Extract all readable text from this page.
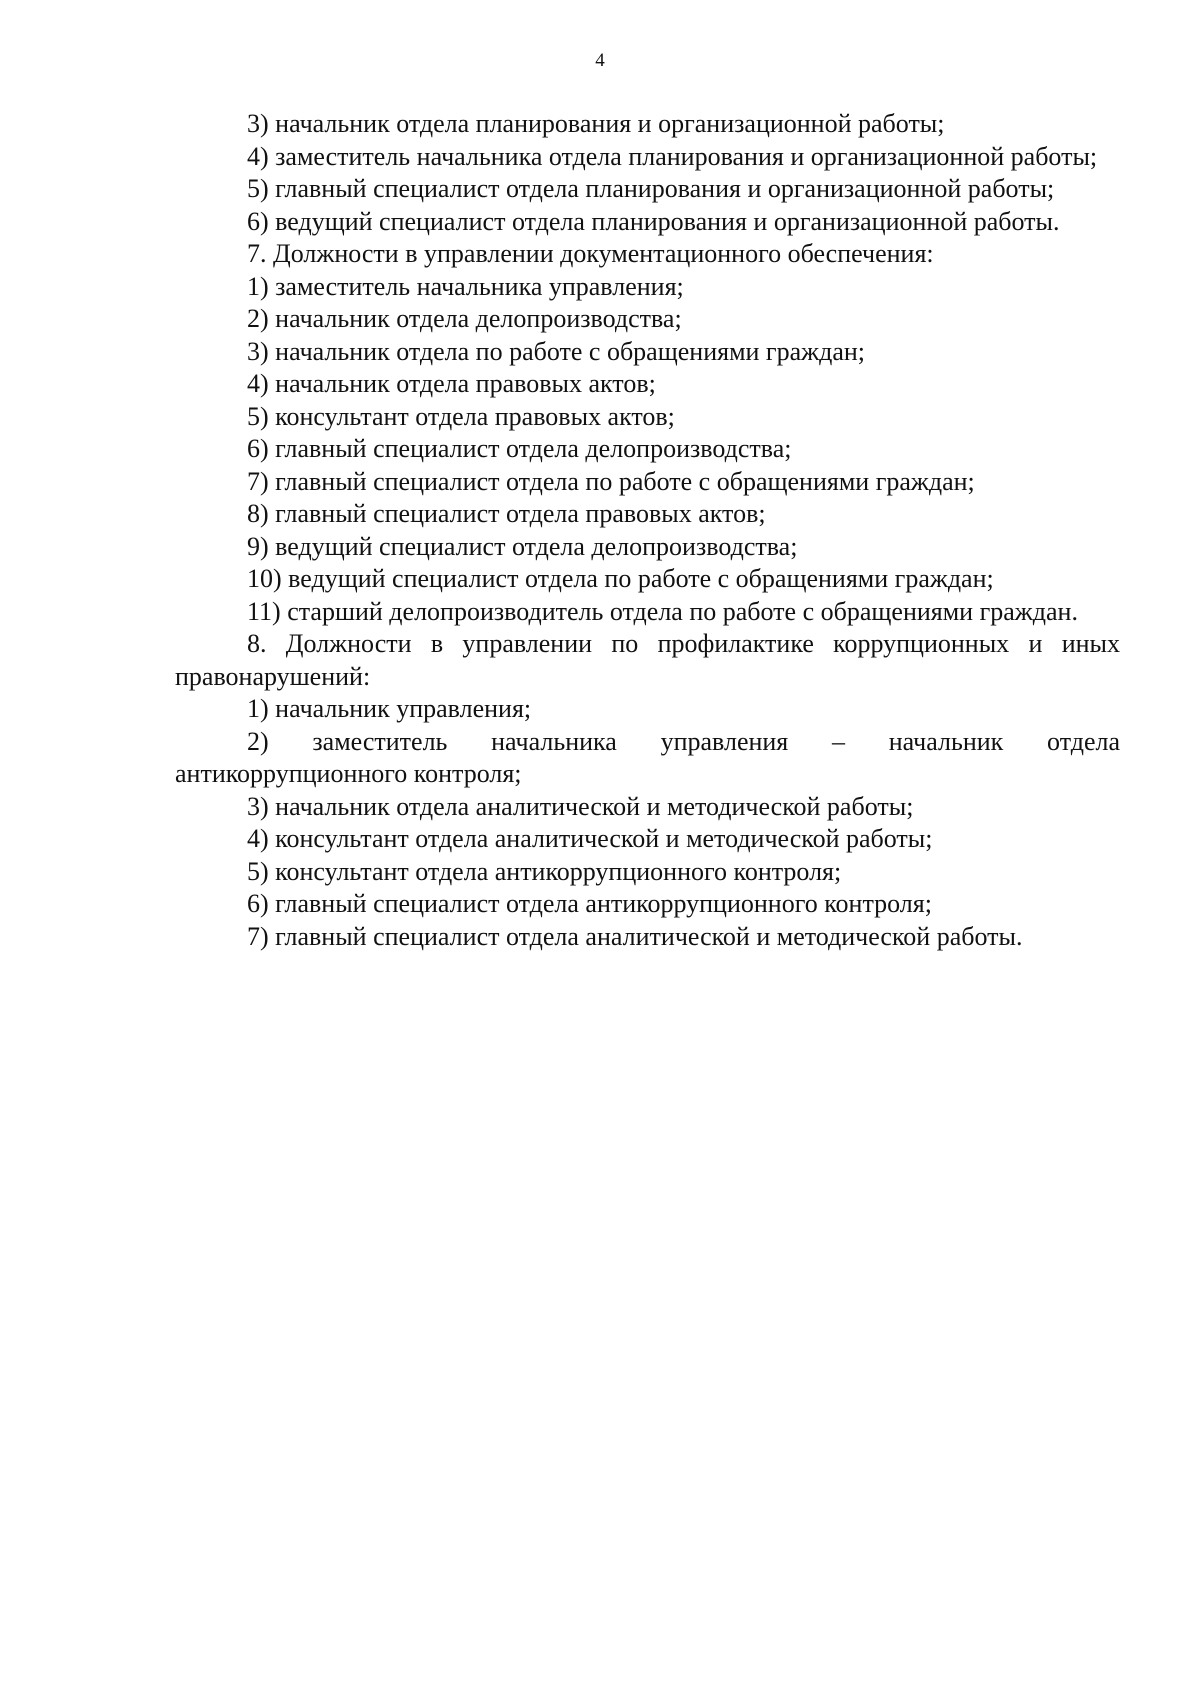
4

3) начальник отдела планирования и организационной работы;

4) заместитель начальника отдела планирования и организационной работы;

5) главный специалист отдела планирования и организационной работы;

6) ведущий специалист отдела планирования и организационной работы.

7. Должности в управлении документационного обеспечения:

1) заместитель начальника управления;

2) начальник отдела делопроизводства;

3) начальник отдела по работе с обращениями граждан;

4) начальник отдела правовых актов;

5) консультант отдела правовых актов;

6) главный специалист отдела делопроизводства;

7) главный специалист отдела по работе с обращениями граждан;

8) главный специалист отдела правовых актов;

9) ведущий специалист отдела делопроизводства;

10) ведущий специалист отдела по работе с обращениями граждан;

11) старший делопроизводитель отдела по работе с обращениями граждан.

8. Должности в управлении по профилактике коррупционных и иных правонарушений:

1) начальник управления;

2) заместитель начальника управления – начальник отдела антикоррупционного контроля;

3) начальник отдела аналитической и методической работы;

4) консультант отдела аналитической и методической работы;

5) консультант отдела антикоррупционного контроля;

6) главный специалист отдела антикоррупционного контроля;

7) главный специалист отдела аналитической и методической работы.
